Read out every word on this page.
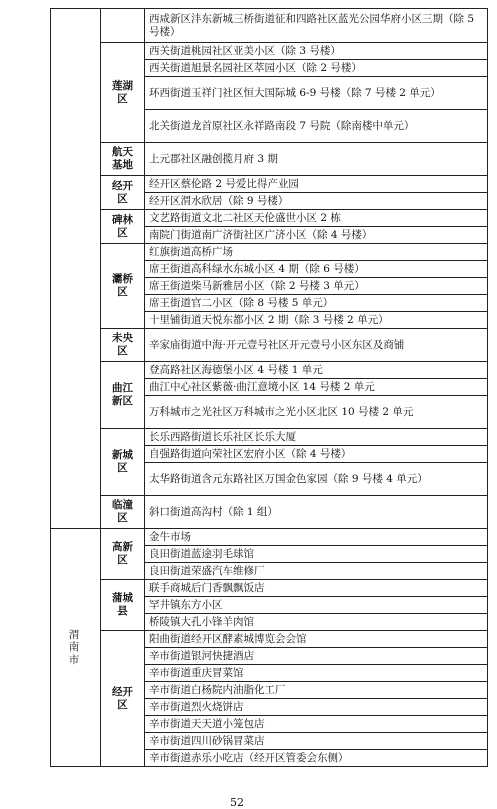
		西咸新区沣东新城三桥街道征和四路社区蓝光公园华府小区三期（除 5 号楼）
	莲湖区	西关街道桃园社区亚美小区（除 3 号楼）
		西关街道旭景名园社区萃园小区（除 2 号楼）
		环西街道玉祥门社区恒大国际城 6-9 号楼（除 7 号楼 2 单元）
		北关街道龙首原社区永祥路南段 7 号院（除南楼中单元）
	航天基地	上元郡社区融创揽月府 3 期
	经开区	经开区蔡伦路 2 号爱比得产业园
		经开区渭水欣居（除 9 号楼）
	碑林区	文艺路街道文北二社区天伦盛世小区 2 栋
		南院门街道南广济街社区广济小区（除 4 号楼）
	灞桥区	红旗街道高桥广场
		席王街道高科绿水东城小区 4 期（除 6 号楼）
		席王街道柴马新雅居小区（除 2 号楼 3 单元）
		席王街道官二小区（除 8 号楼 5 单元）
		十里铺街道天悦东都小区 2 期（除 3 号楼 2 单元）
	未央区	辛家庙街道中海·开元壹号社区开元壹号小区东区及商铺
	曲江新区	登高路社区海德堡小区 4 号楼 1 单元
		曲江中心社区紫薇·曲江意境小区 14 号楼 2 单元
		万科城市之光社区万科城市之光小区北区 10 号楼 2 单元
	新城区	长乐西路街道长乐社区长乐大厦
		自强路街道向荣社区宏府小区（除 4 号楼）
		太华路街道含元东路社区万国金色家园（除 9 号楼 4 单元）
	临潼区	斜口街道高沟村（除 1 组）
渭南市	高新区	金牛市场
		良田街道蓝途羽毛球馆
		良田街道荣盛汽车维修厂
	蒲城县	联手商城后门香飘飘饭店
		罕井镇东方小区
		桥陵镇大孔小锋羊肉馆
	经开区	阳曲街道经开区酵素城博览会会馆
		辛市街道银河快捷酒店
		辛市街道重庆冒菜馆
		辛市街道白杨院内油脂化工厂
		辛市街道烈火烧饼店
		辛市街道天天道小笼包店
		辛市街道四川砂锅冒菜店
		辛市街道赤乐小吃店（经开区管委会东侧）
52
